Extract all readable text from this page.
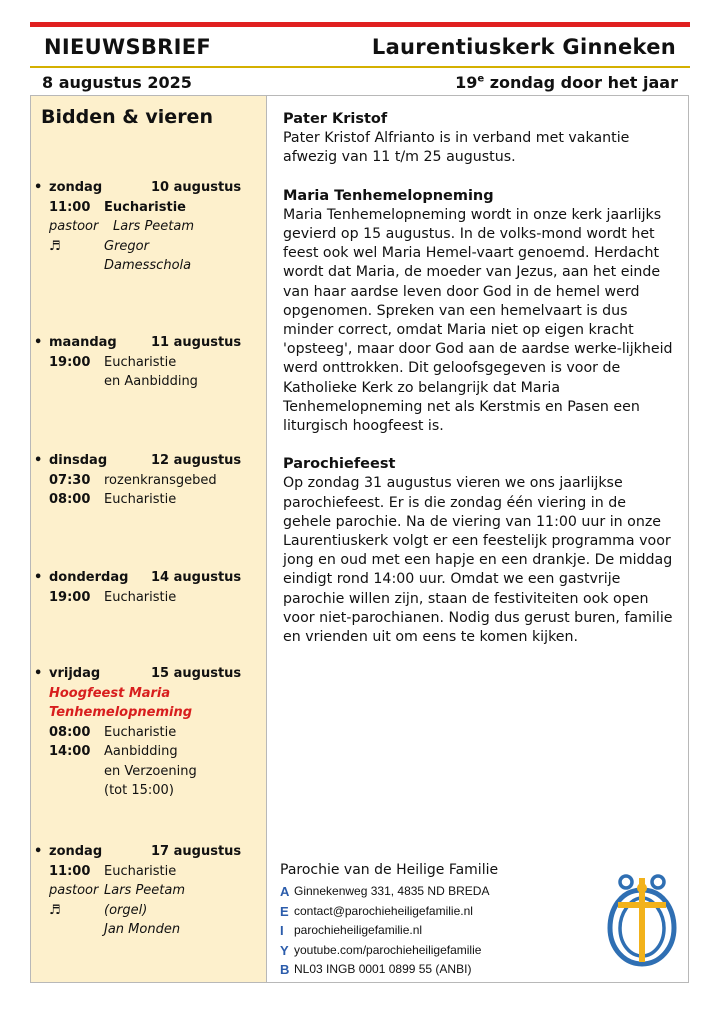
NIEUWSBRIEF	Laurentiuskerk Ginneken
8 augustus 2025	19e zondag door het jaar
Bidden & vieren
• zondag	10 augustus
11:00 Eucharistie
pastoor Lars Peetam
♬	Gregor
Damesschola
• maandag	11 augustus
19:00 Eucharistie
en Aanbidding
• dinsdag	12 augustus
07:30 rozenkransgebed
08:00 Eucharistie
• donderdag 14 augustus
19:00 Eucharistie
• vrijdag	15 augustus
Hoogfeest Maria
Tenhemelopneming
08:00 Eucharistie
14:00 Aanbidding
en Verzoening
(tot 15:00)
• zondag	17 augustus
11:00 Eucharistie
pastoor Lars Peetam
♬	(orgel)
Jan Monden
Pater Kristof

Pater Kristof Alfrianto is in verband met vakantie afwezig van 11 t/m 25 augustus.

Maria Tenhemelopneming

Maria Tenhemelopneming wordt in onze kerk jaarlijks gevierd op 15 augustus. In de volks-mond wordt het feest ook wel Maria Hemel-vaart genoemd. Herdacht wordt dat Maria, de moeder van Jezus, aan het einde van haar aardse leven door God in de hemel werd opgenomen. Spreken van een hemelvaart is dus minder correct, omdat Maria niet op eigen kracht 'opsteeg', maar door God aan de aardse werke-lijkheid werd onttrokken. Dit geloofsgegeven is voor de Katholieke Kerk zo belangrijk dat Maria Tenhemelopneming net als Kerstmis en Pasen een liturgisch hoogfeest is.

Parochiefeest

Op zondag 31 augustus vieren we ons jaarlijkse parochiefeest. Er is die zondag één viering in de gehele parochie. Na de viering van 11:00 uur in onze Laurentiuskerk volgt er een feestelijk programma voor jong en oud met een hapje en een drankje. De middag eindigt rond 14:00 uur. Omdat we een gastvrije parochie willen zijn, staan de festiviteiten ook open voor niet-parochianen. Nodig dus gerust buren, familie en vrienden uit om eens te komen kijken.

Parochie van de Heilige Familie
A Ginnekenweg 331, 4835 ND BREDA
E contact@parochieheiligefamilie.nl
I parochieheiligefamilie.nl
Y youtube.com/parochieheiligefamilie
B NL03 INGB 0001 0899 55 (ANBI)
